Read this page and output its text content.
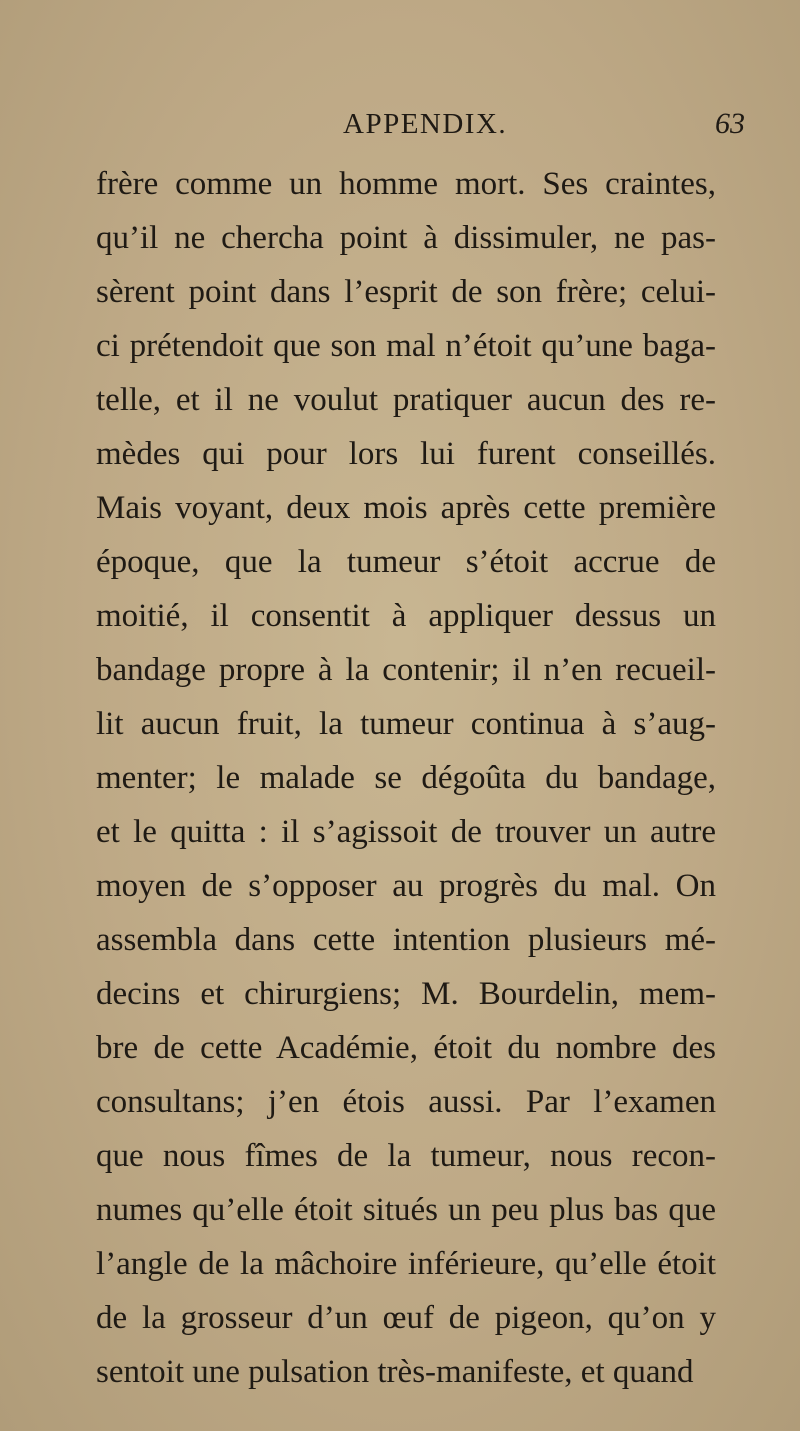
APPENDIX.	63
frère comme un homme mort. Ses craintes,
qu’il ne chercha point à dissimuler, ne pas-
sèrent point dans l’esprit de son frère; celui-
ci prétendoit que son mal n’étoit qu’une baga-
telle, et il ne voulut pratiquer aucun des re-
mèdes qui pour lors lui furent conseillés.
Mais voyant, deux mois après cette première
époque, que la tumeur s’étoit accrue de
moitié, il consentit à appliquer dessus un
bandage propre à la contenir; il n’en recueil-
lit aucun fruit, la tumeur continua à s’aug-
menter; le malade se dégoûta du bandage,
et le quitta : il s’agissoit de trouver un autre
moyen de s’opposer au progrès du mal. On
assembla dans cette intention plusieurs mé-
decins et chirurgiens; M. Bourdelin, mem-
bre de cette Académie, étoit du nombre des
consultans; j’en étois aussi. Par l’examen
que nous fîmes de la tumeur, nous recon-
numes qu’elle étoit situés un peu plus bas que
l’angle de la mâchoire inférieure, qu’elle étoit
de la grosseur d’un œuf de pigeon, qu’on y
sentoit une pulsation très-manifeste, et quand
